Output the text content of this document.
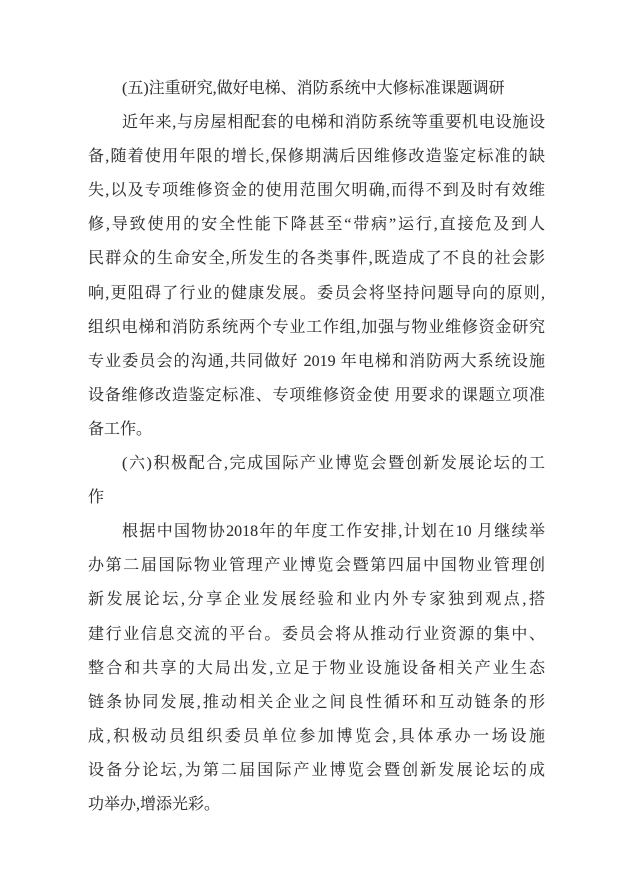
(五)注重研究,做好电梯、消防系统中大修标准课题调研
近年来,与房屋相配套的电梯和消防系统等重要机电设施设
备,随着使用年限的增长,保修期满后因维修改造鉴定标准的缺
失,以及专项维修资金的使用范围欠明确,而得不到及时有效维
修,导致使用的安全性能下降甚至“带病”运行,直接危及到人
民群众的生命安全,所发生的各类事件,既造成了不良的社会影
响,更阻碍了行业的健康发展。委员会将坚持问题导向的原则,
组织电梯和消防系统两个专业工作组,加强与物业维修资金研究
专业委员会的沟通,共同做好 2019 年电梯和消防两大系统设施
设备维修改造鉴定标准、专项维修资金使 用要求的课题立项准
备工作。
(六)积极配合,完成国际产业博览会暨创新发展论坛的工
作
根据中国物协2018年的年度工作安排,计划在10 月继续举
办第二届国际物业管理产业博览会暨第四届中国物业管理创
新发展论坛,分享企业发展经验和业内外专家独到观点,搭
建行业信息交流的平台。委员会将从推动行业资源的集中、
整合和共享的大局出发,立足于物业设施设备相关产业生态
链条协同发展,推动相关企业之间良性循环和互动链条的形
成,积极动员组织委员单位参加博览会,具体承办一场设施
设备分论坛,为第二届国际产业博览会暨创新发展论坛的成
功举办,增添光彩。
